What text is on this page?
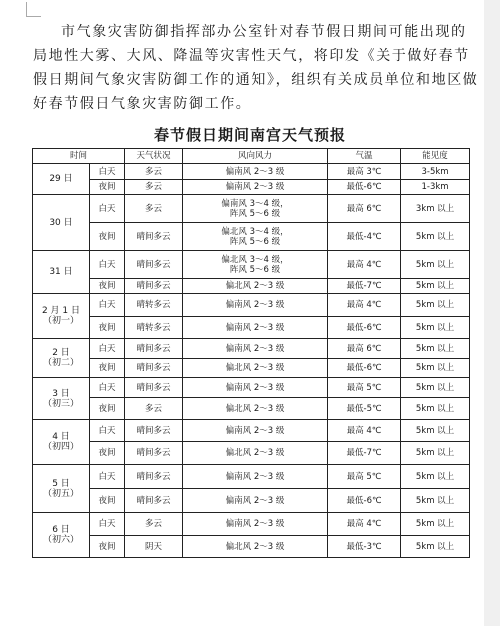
市气象灾害防御指挥部办公室针对春节假日期间可能出现的局地性大雾、大风、降温等灾害性天气，将印发《关于做好春节假日期间气象灾害防御工作的通知》，组织有关成员单位和地区做好春节假日气象灾害防御工作。
春节假日期间南宫天气预报
时间		天气状况	风向风力	气温	能见度

29 日	白天	多云	偏南风 2～3 级	最高 3℃	3-5km
	夜间	多云	偏南风 2～3 级	最低-6℃	1-3km

30 日	白天	多云	偏南风 3～4 级，
阵风 5～6 级	最高 6℃	3km 以上
	夜间	晴间多云	偏北风 3～4 级，
阵风 5～6 级	最低-4℃	5km 以上

31 日	白天	晴间多云	偏北风 3～4 级，
阵风 5～6 级	最高 4℃	5km 以上
	夜间	晴间多云	偏北风 2～3 级	最低-7℃	5km 以上

2 月 1 日
（初一）	白天	晴转多云	偏南风 2～3 级	最高 4℃	5km 以上
	夜间	晴转多云	偏南风 2～3 级	最低-6℃	5km 以上

2 日
（初二）	白天	晴间多云	偏南风 2～3 级	最高 6℃	5km 以上
	夜间	晴间多云	偏北风 2～3 级	最低-6℃	5km 以上

3 日
（初三）	白天	晴间多云	偏南风 2～3 级	最高 5℃	5km 以上
	夜间	多云	偏北风 2～3 级	最低-5℃	5km 以上

4 日
（初四）	白天	晴间多云	偏南风 2～3 级	最高 4℃	5km 以上
	夜间	晴间多云	偏北风 2～3 级	最低-7℃	5km 以上

5 日
（初五）	白天	晴间多云	偏南风 2～3 级	最高 5℃	5km 以上
	夜间	晴间多云	偏南风 2～3 级	最低-6℃	5km 以上

6 日
（初六）	白天	多云	偏南风 2～3 级	最高 4℃	5km 以上
	夜间	阴天	偏北风 2～3 级	最低-3℃	5km 以上
